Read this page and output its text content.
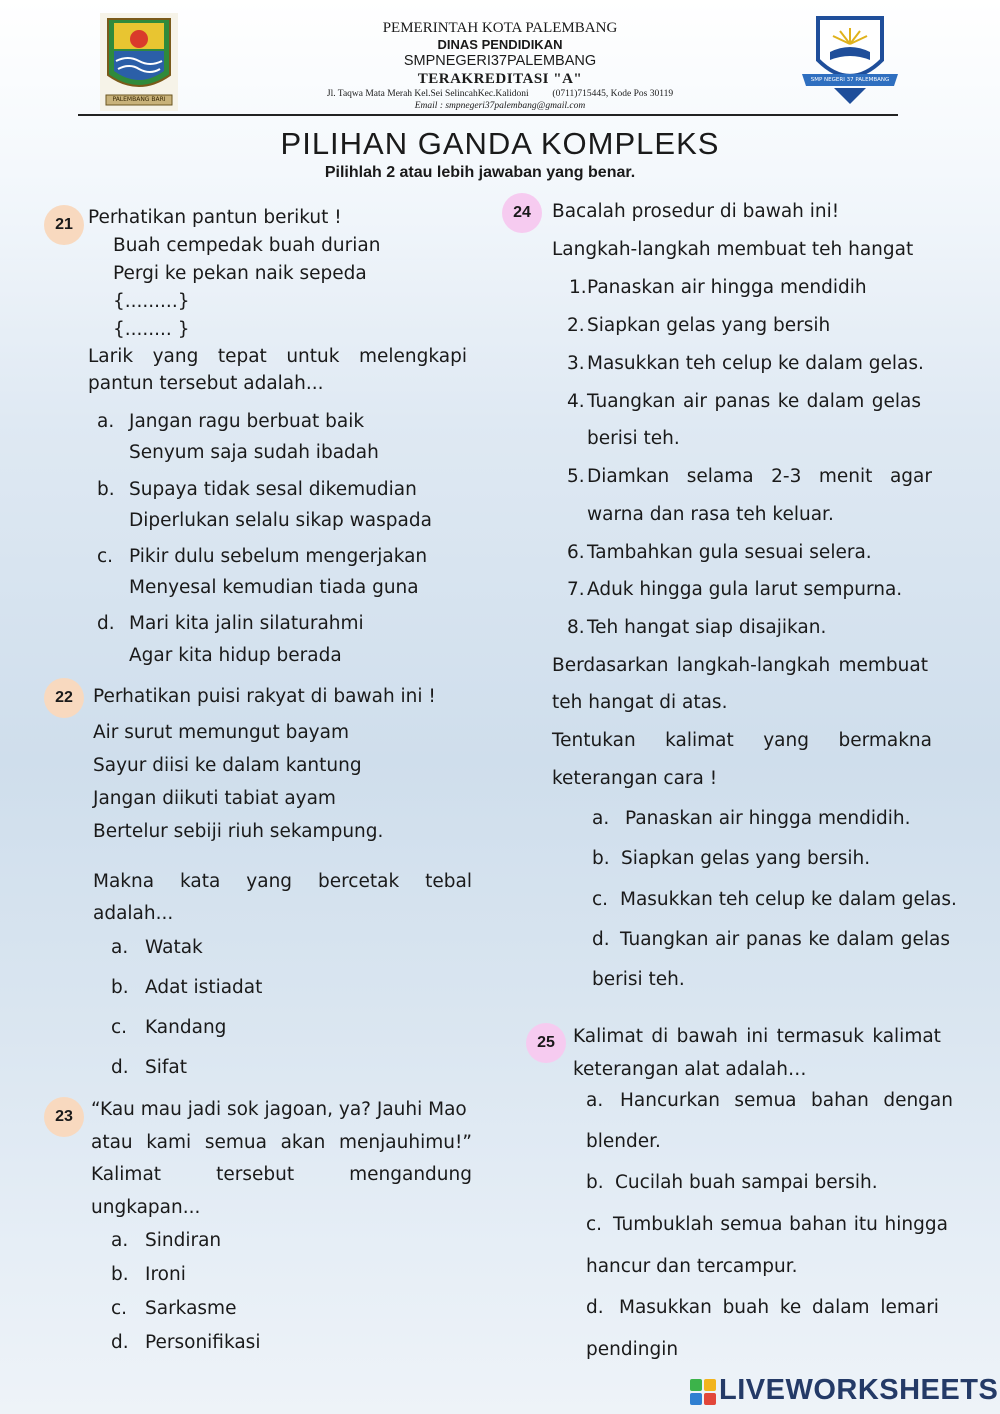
PALEMBANG BARI
PEMERINTAH KOTA PALEMBANG
DINAS PENDIDIKAN
SMPNEGERI37PALEMBANG
TERAKREDITASI "A"
Jl. Taqwa Mata Merah Kel.Sei SelincahKec.Kalidoni          (0711)715445, Kode Pos 30119
Email : smpnegeri37palembang@gmail.com
SMP NEGERI 37 PALEMBANG
PILIHAN GANDA KOMPLEKS
Pilihlah 2 atau lebih jawaban yang benar.
21 Perhatikan pantun berikut !
Buah cempedak buah durian
Pergi ke pekan naik sepeda
{.........}
{........ }
Larik yang tepat untuk melengkapi
pantun tersebut adalah...
a. Jangan ragu berbuat baik
Senyum saja sudah ibadah
b. Supaya tidak sesal dikemudian
Diperlukan selalu sikap waspada
c. Pikir dulu sebelum mengerjakan
Menyesal kemudian tiada guna
d. Mari kita jalin silaturahmi
Agar kita hidup berada
22	Perhatikan puisi rakyat di bawah ini !
Air surut memungut bayam
Sayur diisi ke dalam kantung
Jangan diikuti tabiat ayam
Bertelur sebiji riuh sekampung.
Makna kata yang bercetak tebal
adalah...
a. Watak
b. Adat istiadat
c. Kandang
d. Sifat
23 “Kau mau jadi sok jagoan, ya? Jauhi Mao
atau kami semua akan menjauhimu!”
Kalimat	tersebut	mengandung
ungkapan...
a. Sindiran
b. Ironi
c. Sarkasme
d. Personifikasi
24	Bacalah prosedur di bawah ini!
Langkah-langkah membuat teh hangat
1. Panaskan air hingga mendidih
2. Siapkan gelas yang bersih
3. Masukkan teh celup ke dalam gelas.
4. Tuangkan air panas ke dalam gelas
berisi teh.
5. Diamkan selama 2-3 menit agar
warna dan rasa teh keluar.
6. Tambahkan gula sesuai selera.
7. Aduk hingga gula larut sempurna.
8. Teh hangat siap disajikan.
Berdasarkan langkah-langkah membuat
teh hangat di atas.
Tentukan kalimat yang bermakna
keterangan cara !
a. Panaskan air hingga mendidih.
b. Siapkan gelas yang bersih.
c. Masukkan teh celup ke dalam gelas.
d. Tuangkan air panas ke dalam gelas
berisi teh.
25 Kalimat di bawah ini termasuk kalimat
keterangan alat adalah…
a. Hancurkan semua bahan dengan
blender.
b. Cucilah buah sampai bersih.
c. Tumbuklah semua bahan itu hingga
hancur dan tercampur.
d. Masukkan buah ke dalam lemari
pendingin
LIVEWORKSHEETS
